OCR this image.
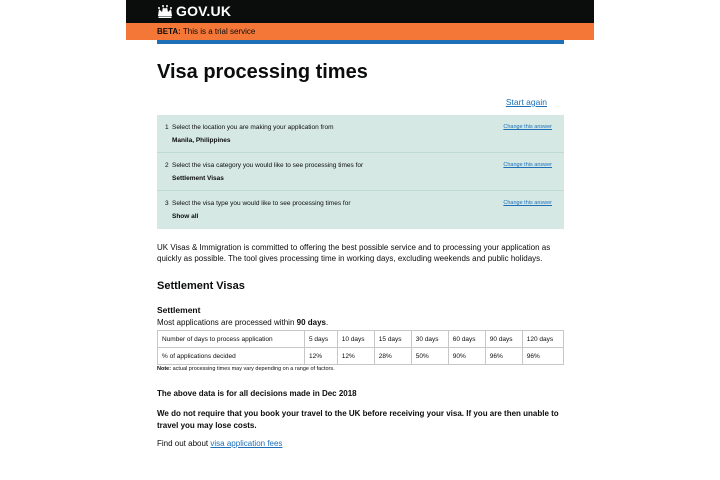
GOV.UK
BETA: This is a trial service
Visa processing times
Start again
1 Select the location you are making your application from
Manila, Philippines
Change this answer
2 Select the visa category you would like to see processing times for
Settlement Visas
Change this answer
3 Select the visa type you would like to see processing times for
Show all
Change this answer

UK Visas & Immigration is committed to offering the best possible service and to processing your application as quickly as possible. The tool gives processing time in working days, excluding weekends and public holidays.

Settlement Visas
Settlement

Most applications are processed within 90 days.

Number of days to process application	5 days	10 days	15 days	30 days	60 days	90 days	120 days
% of applications decided	12%	12%	28%	50%	90%	96%	96%

Note: actual processing times may vary depending on a range of factors.

The above data is for all decisions made in Dec 2018

We do not require that you book your travel to the UK before receiving your visa. If you are then unable to travel you may lose costs.

Find out about visa application fees
